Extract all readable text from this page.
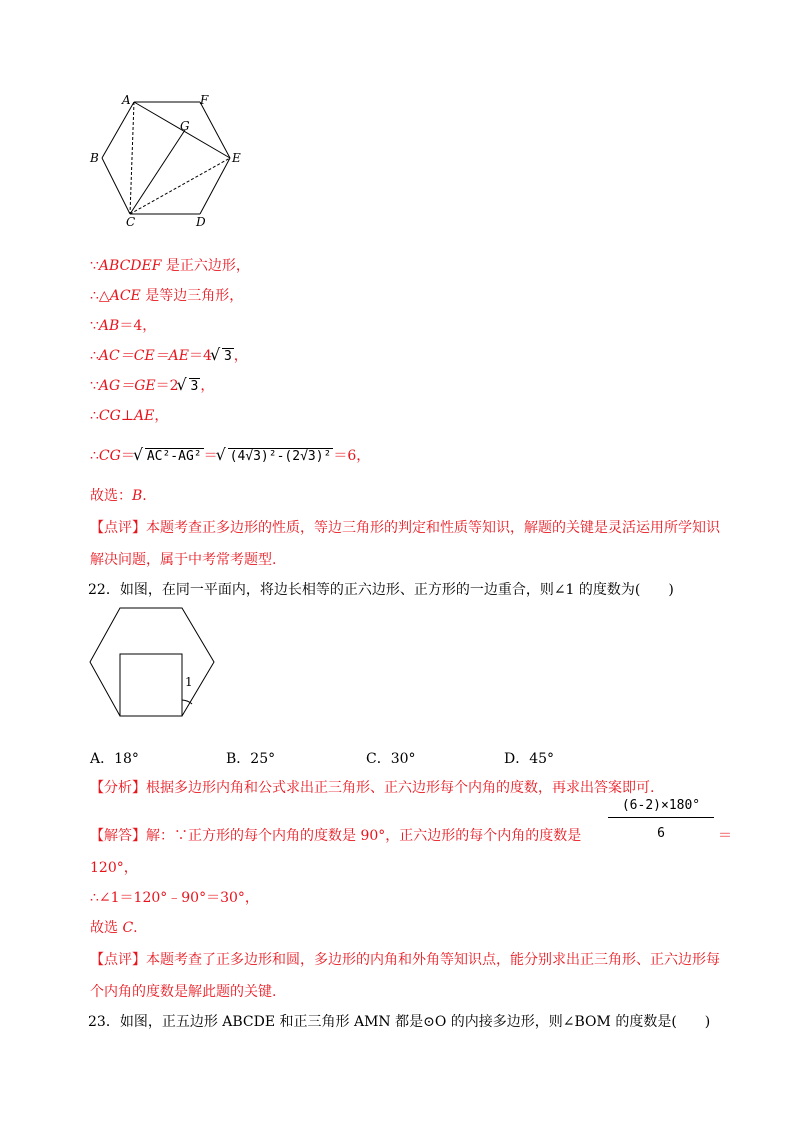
A	F
G
B	E
C	D
∵ABCDEF 是正六边形，
∴△ACE 是等边三角形，
∵AB＝4，
∴AC＝CE＝AE＝4 √ 3 ，
∵AG＝GE＝2 √ 3 ，
∴CG⊥AE，
∴CG＝ √ AC²-AG² ＝ √ (4√3)²-(2√3)² ＝6，
故选：B.
【点评】本题考查正多边形的性质，等边三角形的判定和性质等知识，解题的关键是灵活运用所学知识
解决问题，属于中考常考题型.
22．如图，在同一平面内，将边长相等的正六边形、正方形的一边重合，则∠1 的度数为(　　)
1
A．18°	B．25°	C．30°	D．45°
【分析】根据多边形内角和公式求出正三角形、正六边形每个内角的度数，再求出答案即可.
【解答】解：∵正方形的每个内角的度数是 90°，正六边形的每个内角的度数是 $\frac{(6-2)\times 180^\circ}{6}$ ＝
120°，
∴∠1＝120°﹣90°＝30°，
故选 C.
【点评】本题考查了正多边形和圆，多边形的内角和外角等知识点，能分别求出正三角形、正六边形每
个内角的度数是解此题的关键.
23．如图，正五边形 ABCDE 和正三角形 AMN 都是⊙O 的内接多边形，则∠BOM 的度数是(　　)
